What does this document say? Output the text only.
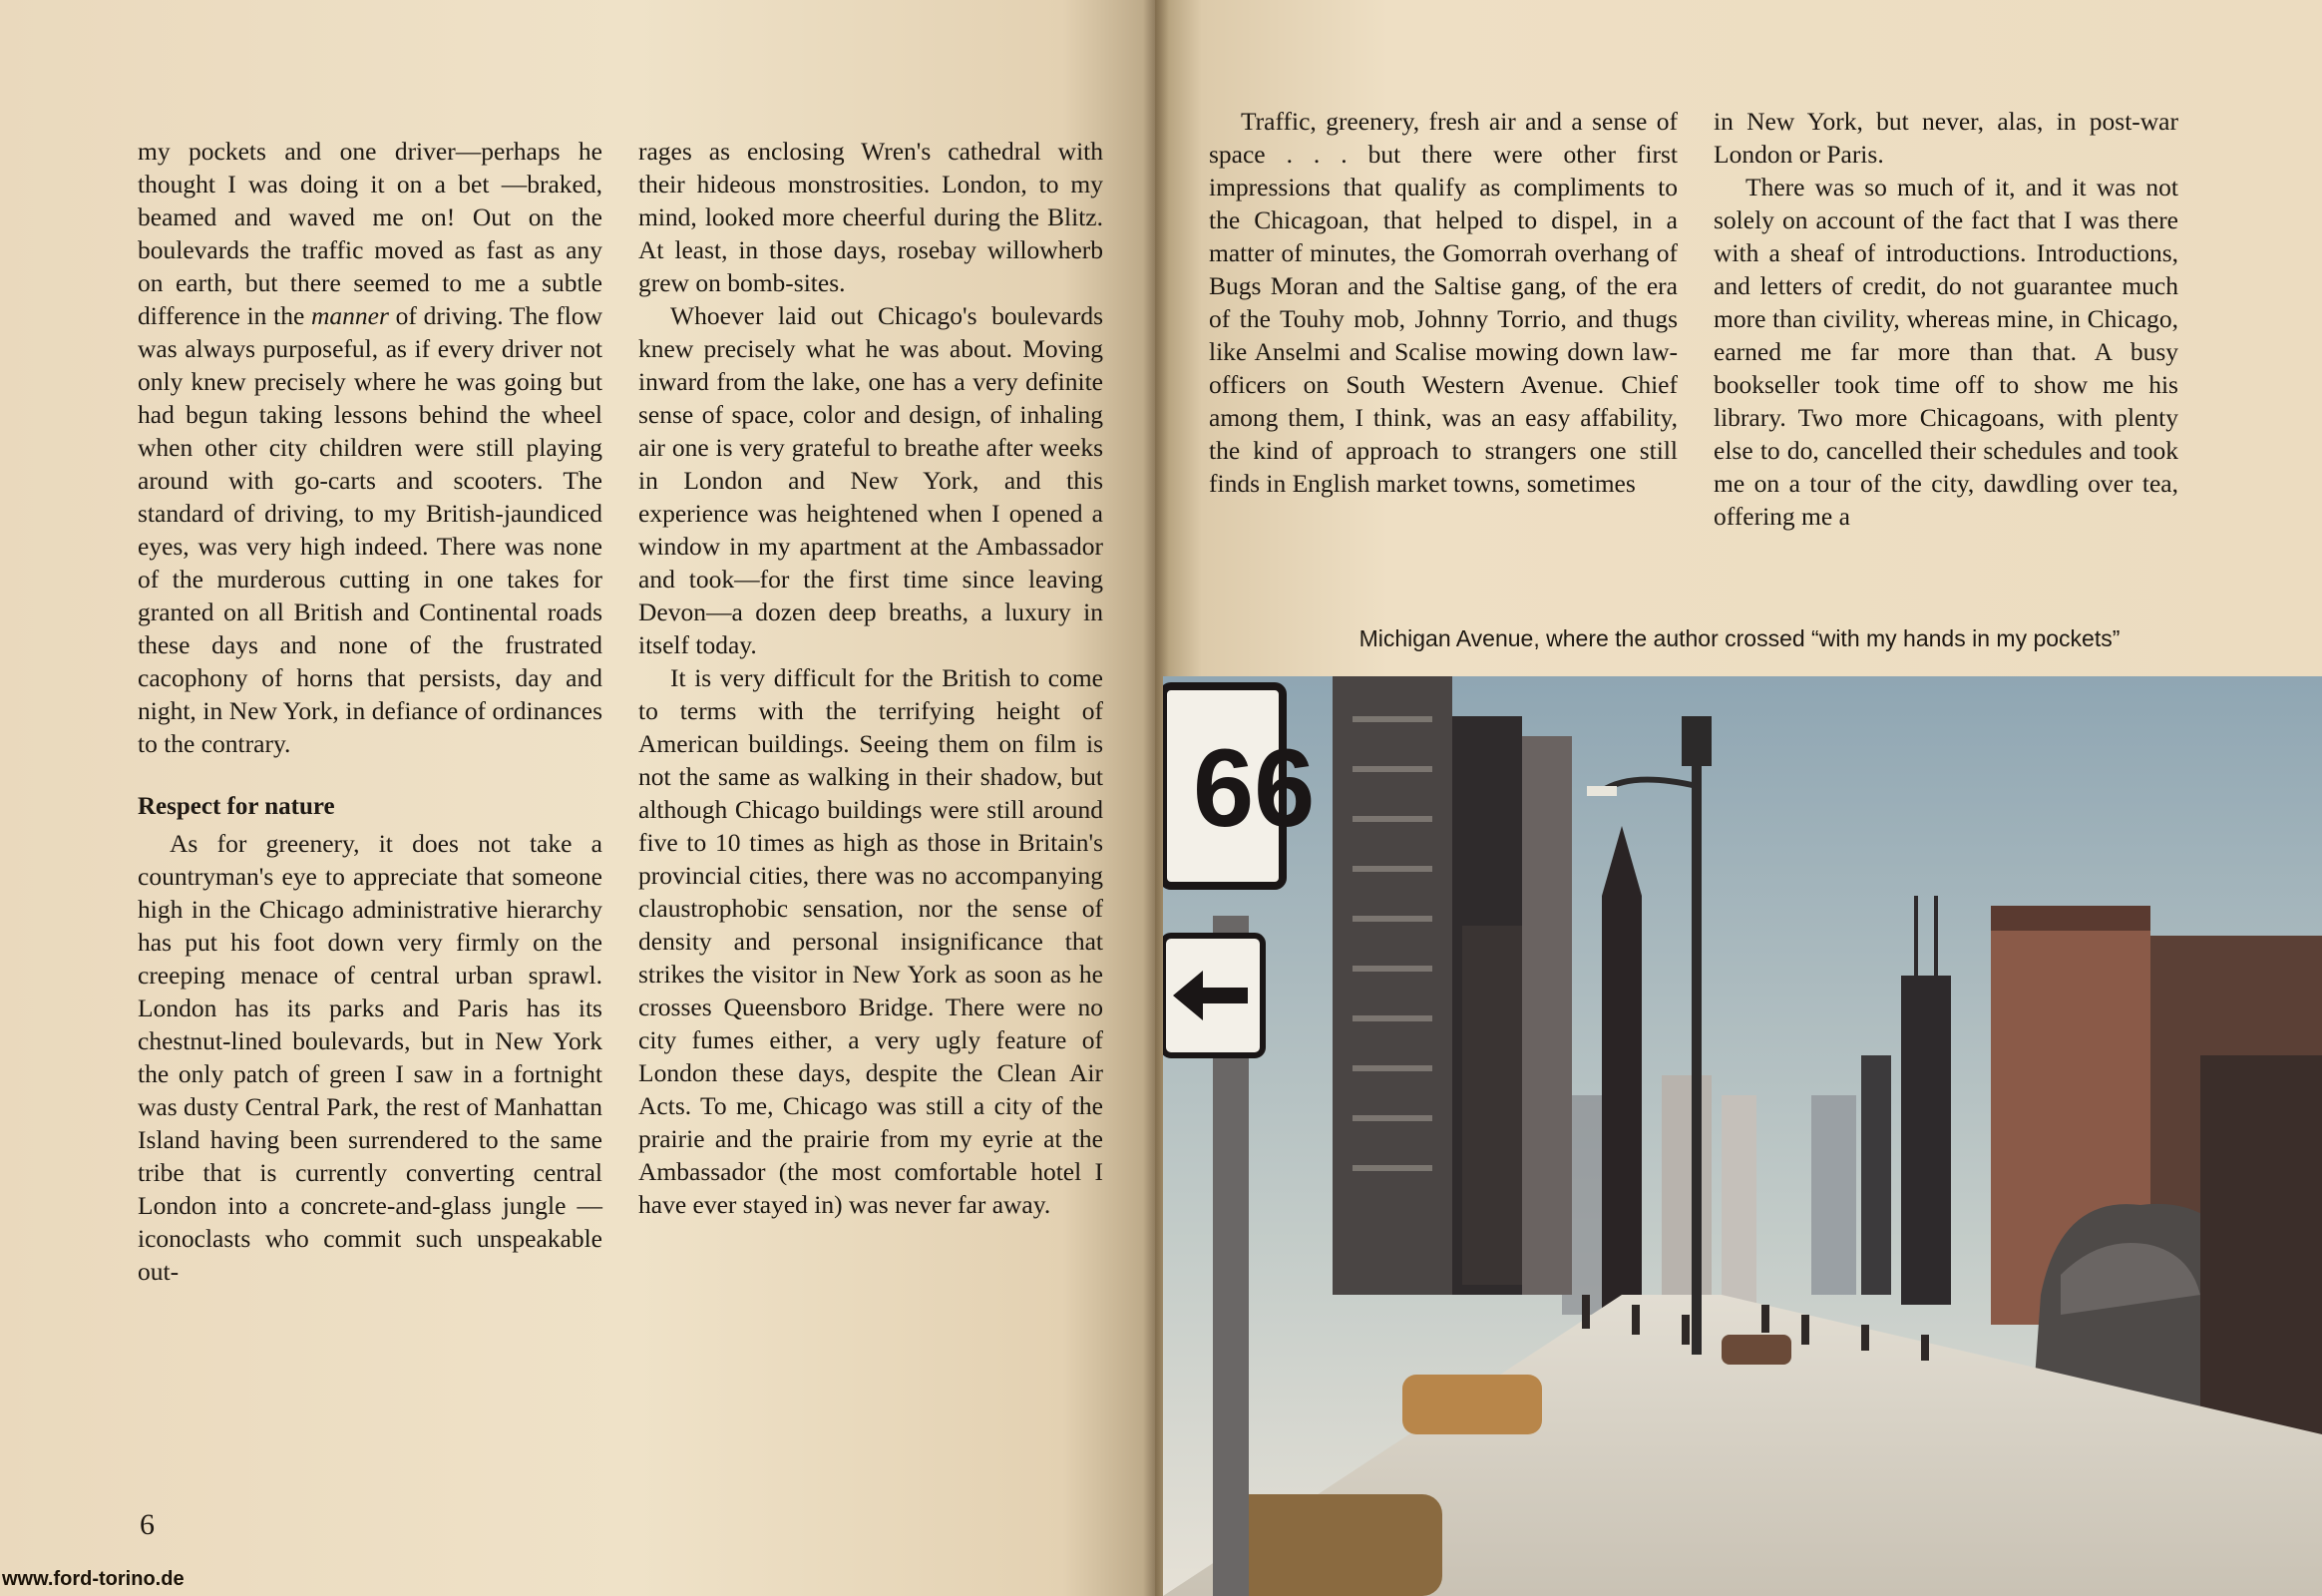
my pockets and one driver—perhaps he thought I was doing it on a bet —braked, beamed and waved me on! Out on the boulevards the traffic moved as fast as any on earth, but there seemed to me a subtle difference in the manner of driving. The flow was always purposeful, as if every driver not only knew precisely where he was going but had begun taking lessons behind the wheel when other city children were still playing around with go-carts and scooters. The standard of driving, to my British-jaundiced eyes, was very high indeed. There was none of the murderous cutting in one takes for granted on all British and Continental roads these days and none of the frustrated cacophony of horns that persists, day and night, in New York, in defiance of ordinances to the contrary.

Respect for nature

As for greenery, it does not take a countryman's eye to appreciate that someone high in the Chicago administrative hierarchy has put his foot down very firmly on the creeping menace of central urban sprawl. London has its parks and Paris has its chestnut-lined boulevards, but in New York the only patch of green I saw in a fortnight was dusty Central Park, the rest of Manhattan Island having been surrendered to the same tribe that is currently converting central London into a concrete-and-glass jungle — iconoclasts who commit such unspeakable out-

rages as enclosing Wren's cathedral with their hideous monstrosities. London, to my mind, looked more cheerful during the Blitz. At least, in those days, rosebay willowherb grew on bomb-sites.

Whoever laid out Chicago's boulevards knew precisely what he was about. Moving inward from the lake, one has a very definite sense of space, color and design, of inhaling air one is very grateful to breathe after weeks in London and New York, and this experience was heightened when I opened a window in my apartment at the Ambassador and took—for the first time since leaving Devon—a dozen deep breaths, a luxury in itself today.

It is very difficult for the British to come to terms with the terrifying height of American buildings. Seeing them on film is not the same as walking in their shadow, but although Chicago buildings were still around five to 10 times as high as those in Britain's provincial cities, there was no accompanying claustrophobic sensation, nor the sense of density and personal insignificance that strikes the visitor in New York as soon as he crosses Queensboro Bridge. There were no city fumes either, a very ugly feature of London these days, despite the Clean Air Acts. To me, Chicago was still a city of the prairie and the prairie from my eyrie at the Ambassador (the most comfortable hotel I have ever stayed in) was never far away.

Traffic, greenery, fresh air and a sense of space . . . but there were other first impressions that qualify as compliments to the Chicagoan, that helped to dispel, in a matter of minutes, the Gomorrah overhang of Bugs Moran and the Saltise gang, of the era of the Touhy mob, Johnny Torrio, and thugs like Anselmi and Scalise mowing down law-officers on South Western Avenue. Chief among them, I think, was an easy affability, the kind of approach to strangers one still finds in English market towns, sometimes

in New York, but never, alas, in post-war London or Paris.

There was so much of it, and it was not solely on account of the fact that I was there with a sheaf of introductions. Introductions, and letters of credit, do not guarantee much more than civility, whereas mine, in Chicago, earned me far more than that. A busy bookseller took time off to show me his library. Two more Chicagoans, with plenty else to do, cancelled their schedules and took me on a tour of the city, dawdling over tea, offering me a

Michigan Avenue, where the author crossed “with my hands in my pockets”
66
6
www.ford-torino.de
